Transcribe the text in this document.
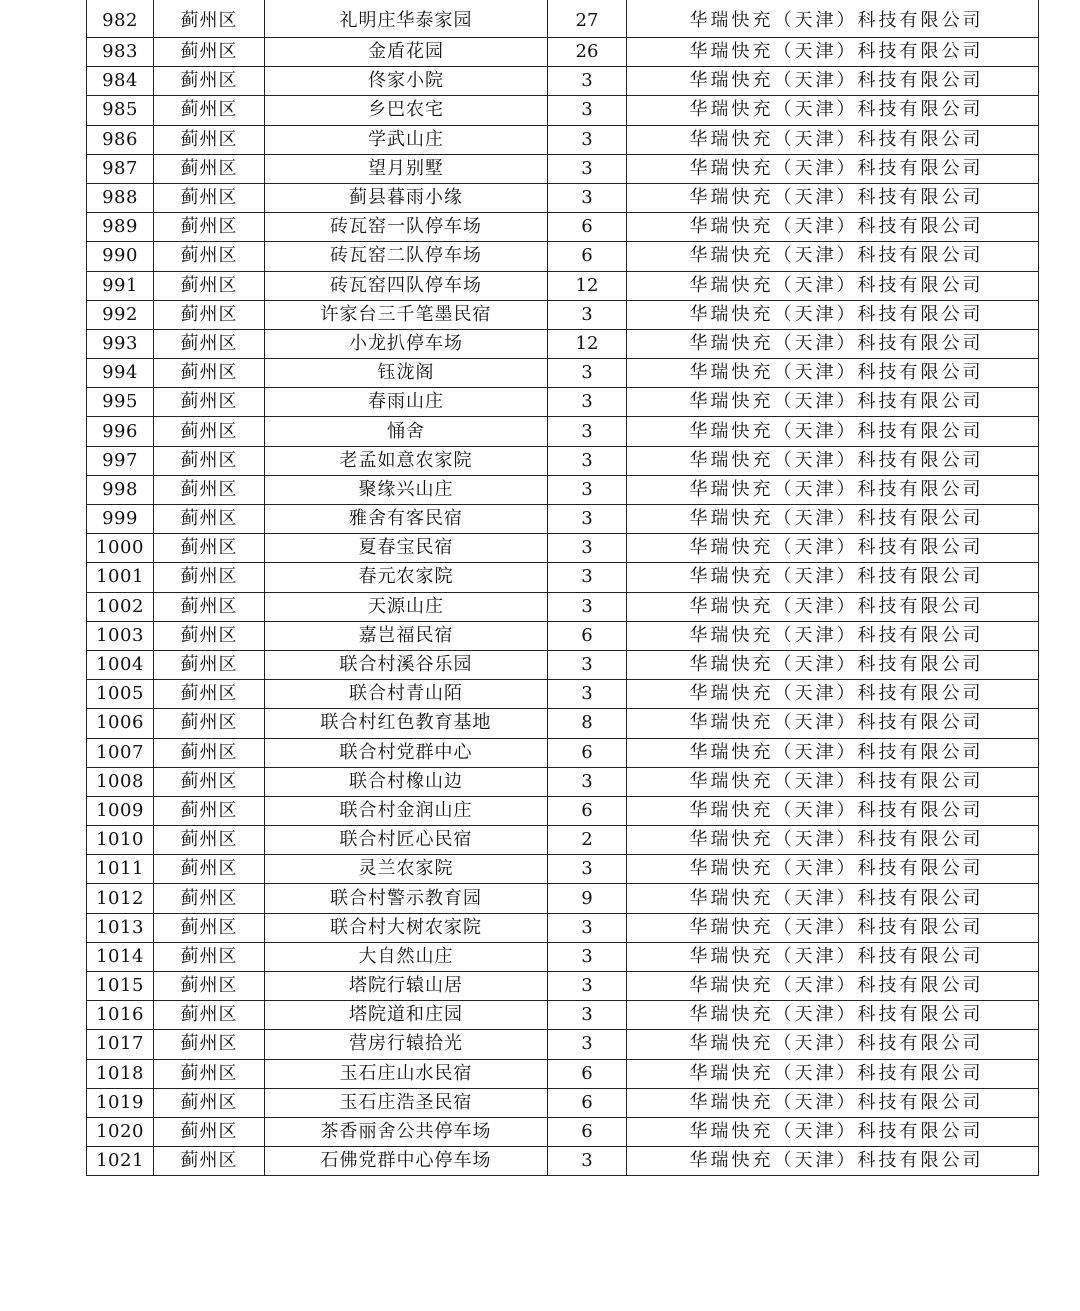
982	蓟州区	礼明庄华泰家园	27	华瑞快充（天津）科技有限公司
983	蓟州区	金盾花园	26	华瑞快充（天津）科技有限公司
984	蓟州区	佟家小院	3	华瑞快充（天津）科技有限公司
985	蓟州区	乡巴农宅	3	华瑞快充（天津）科技有限公司
986	蓟州区	学武山庄	3	华瑞快充（天津）科技有限公司
987	蓟州区	望月别墅	3	华瑞快充（天津）科技有限公司
988	蓟州区	蓟县暮雨小缘	3	华瑞快充（天津）科技有限公司
989	蓟州区	砖瓦窑一队停车场	6	华瑞快充（天津）科技有限公司
990	蓟州区	砖瓦窑二队停车场	6	华瑞快充（天津）科技有限公司
991	蓟州区	砖瓦窑四队停车场	12	华瑞快充（天津）科技有限公司
992	蓟州区	许家台三千笔墨民宿	3	华瑞快充（天津）科技有限公司
993	蓟州区	小龙扒停车场	12	华瑞快充（天津）科技有限公司
994	蓟州区	钰泷阁	3	华瑞快充（天津）科技有限公司
995	蓟州区	春雨山庄	3	华瑞快充（天津）科技有限公司
996	蓟州区	悀舍	3	华瑞快充（天津）科技有限公司
997	蓟州区	老孟如意农家院	3	华瑞快充（天津）科技有限公司
998	蓟州区	聚缘兴山庄	3	华瑞快充（天津）科技有限公司
999	蓟州区	雅舍有客民宿	3	华瑞快充（天津）科技有限公司
1000	蓟州区	夏春宝民宿	3	华瑞快充（天津）科技有限公司
1001	蓟州区	春元农家院	3	华瑞快充（天津）科技有限公司
1002	蓟州区	天源山庄	3	华瑞快充（天津）科技有限公司
1003	蓟州区	嘉岂福民宿	6	华瑞快充（天津）科技有限公司
1004	蓟州区	联合村溪谷乐园	3	华瑞快充（天津）科技有限公司
1005	蓟州区	联合村青山陌	3	华瑞快充（天津）科技有限公司
1006	蓟州区	联合村红色教育基地	8	华瑞快充（天津）科技有限公司
1007	蓟州区	联合村党群中心	6	华瑞快充（天津）科技有限公司
1008	蓟州区	联合村橡山边	3	华瑞快充（天津）科技有限公司
1009	蓟州区	联合村金润山庄	6	华瑞快充（天津）科技有限公司
1010	蓟州区	联合村匠心民宿	2	华瑞快充（天津）科技有限公司
1011	蓟州区	灵兰农家院	3	华瑞快充（天津）科技有限公司
1012	蓟州区	联合村警示教育园	9	华瑞快充（天津）科技有限公司
1013	蓟州区	联合村大树农家院	3	华瑞快充（天津）科技有限公司
1014	蓟州区	大自然山庄	3	华瑞快充（天津）科技有限公司
1015	蓟州区	塔院行辕山居	3	华瑞快充（天津）科技有限公司
1016	蓟州区	塔院道和庄园	3	华瑞快充（天津）科技有限公司
1017	蓟州区	营房行辕拾光	3	华瑞快充（天津）科技有限公司
1018	蓟州区	玉石庄山水民宿	6	华瑞快充（天津）科技有限公司
1019	蓟州区	玉石庄浩圣民宿	6	华瑞快充（天津）科技有限公司
1020	蓟州区	茶香丽舍公共停车场	6	华瑞快充（天津）科技有限公司
1021	蓟州区	石佛党群中心停车场	3	华瑞快充（天津）科技有限公司
